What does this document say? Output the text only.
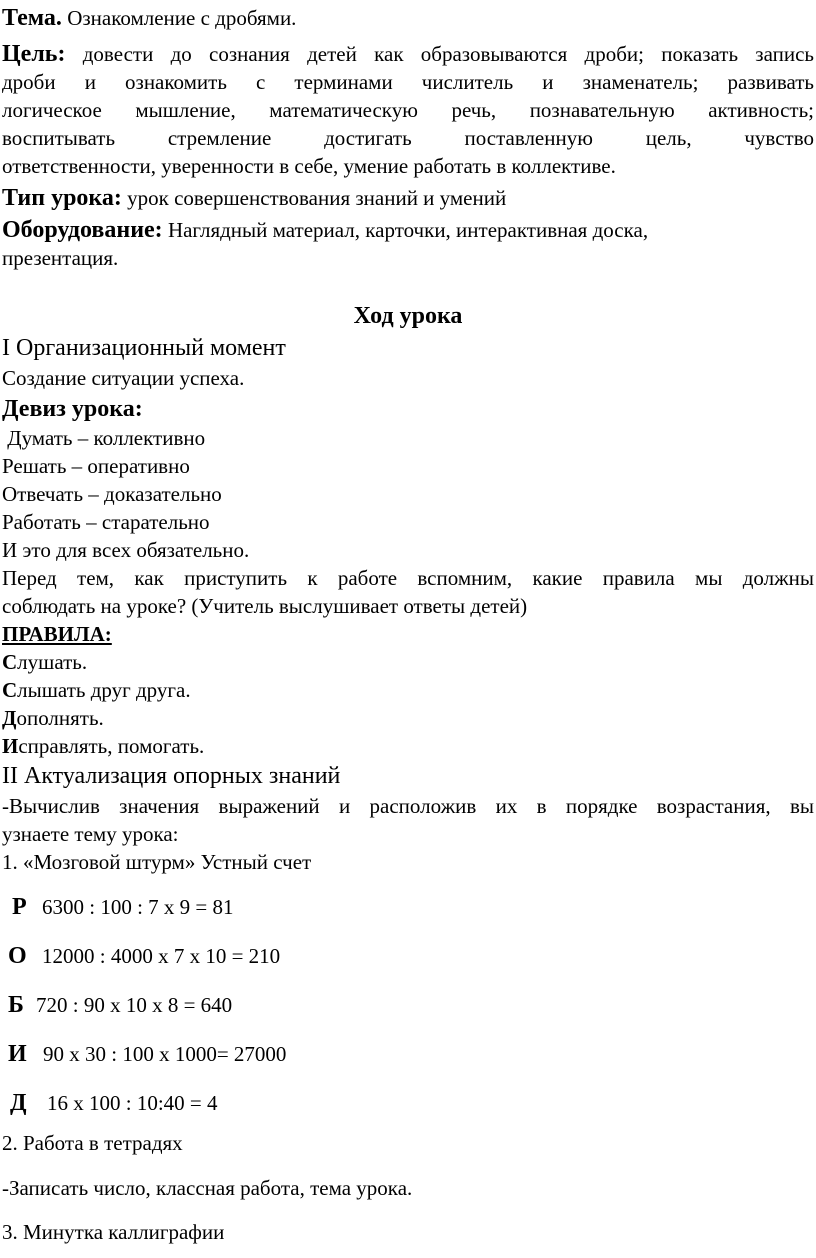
Тема. Ознакомление с дробями.
Цель: довести до сознания детей как образовываются дроби; показать запись
дроби и ознакомить с терминами числитель и знаменатель; развивать
логическое мышление, математическую речь, познавательную активность;
воспитывать стремление достигать поставленную цель, чувство
ответственности, уверенности в себе, умение работать в коллективе.
Тип урока: урок совершенствования знаний и умений
Оборудование: Наглядный материал, карточки, интерактивная доска,
презентация.
Ход урока
I Организационный момент
Создание ситуации успеха.
Девиз урока:
Думать – коллективно
Решать – оперативно
Отвечать – доказательно
Работать – старательно
И это для всех обязательно.
Перед тем, как приступить к работе вспомним, какие правила мы должны
соблюдать на уроке? (Учитель выслушивает ответы детей)
ПРАВИЛА:
Слушать.
Слышать друг друга.
Дополнять.
Исправлять, помогать.
II Актуализация опорных знаний
-Вычислив значения выражений и расположив их в порядке возрастания, вы
узнаете тему урока:
1. «Мозговой штурм» Устный счет
Р 6300 : 100 : 7 х 9 = 81
О 12000 : 4000 х 7 х 10 = 210
Б 720 : 90 х 10 х 8 = 640
И 90 х 30 : 100 х 1000= 27000
Д 16 х 100 : 10:40 = 4
2. Работа в тетрадях
-Записать число, классная работа, тема урока.
3. Минутка каллиграфии
